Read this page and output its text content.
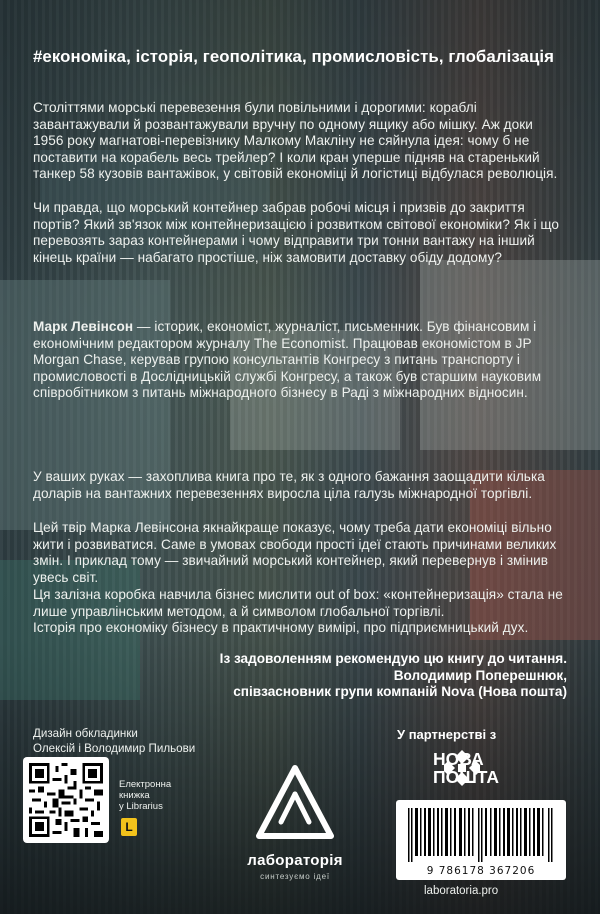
#економіка, історія, геополітика, промисловість, глобалізація

Століттями морські перевезення були повільними і дорогими: кораблі завантажували й розвантажували вручну по одному ящику або мішку. Аж доки 1956 року магнатові-перевізнику Малкому Макліну не сяйнула ідея: чому б не поставити на корабель весь трейлер? І коли кран уперше підняв на старенький танкер 58 кузовів вантажівок, у світовій економіці й логістиці відбулася революція.

Чи правда, що морський контейнер забрав робочі місця і призвів до закриття портів? Який зв'язок між контейнеризацією і розвитком світової економіки? Як і що перевозять зараз контейнерами і чому відправити три тонни вантажу на інший кінець країни — набагато простіше, ніж замовити доставку обіду додому?

Марк Левінсон — історик, економіст, журналіст, письменник. Був фінансовим і економічним редактором журналу The Economist. Працював економістом в JP Morgan Chase, керував групою консультантів Конгресу з питань транспорту і промисловості в Дослідницькій службі Конгресу, а також був старшим науковим співробітником з питань міжнародного бізнесу в Раді з міжнародних відносин.

У ваших руках — захоплива книга про те, як з одного бажання заощадити кілька доларів на вантажних перевезеннях виросла ціла галузь міжнародної торгівлі.

Цей твір Марка Левінсона якнайкраще показує, чому треба дати економіці вільно жити і розвиватися. Саме в умовах свободи прості ідеї стають причинами великих змін. І приклад тому — звичайний морський контейнер, який перевернув і змінив увесь світ.

Ця залізна коробка навчила бізнес мислити out of box: «контейнеризація» стала не лише управлінським методом, а й символом глобальної торгівлі.

Історія про економіку бізнесу в практичному вимірі, про підприємницький дух.

Із задоволенням рекомендую цю книгу до читання.
Володимир Поперешнюк,
співзасновник групи компаній Nova (Нова пошта)
Дизайн обкладинки
Олексій і Володимир Пильови
Електронна
книжка
у Librarius
L
лабораторія
синтезуємо ідеї
У партнерстві з
НОВА
ПОШТА
9 786178 367206
laboratoria.pro
